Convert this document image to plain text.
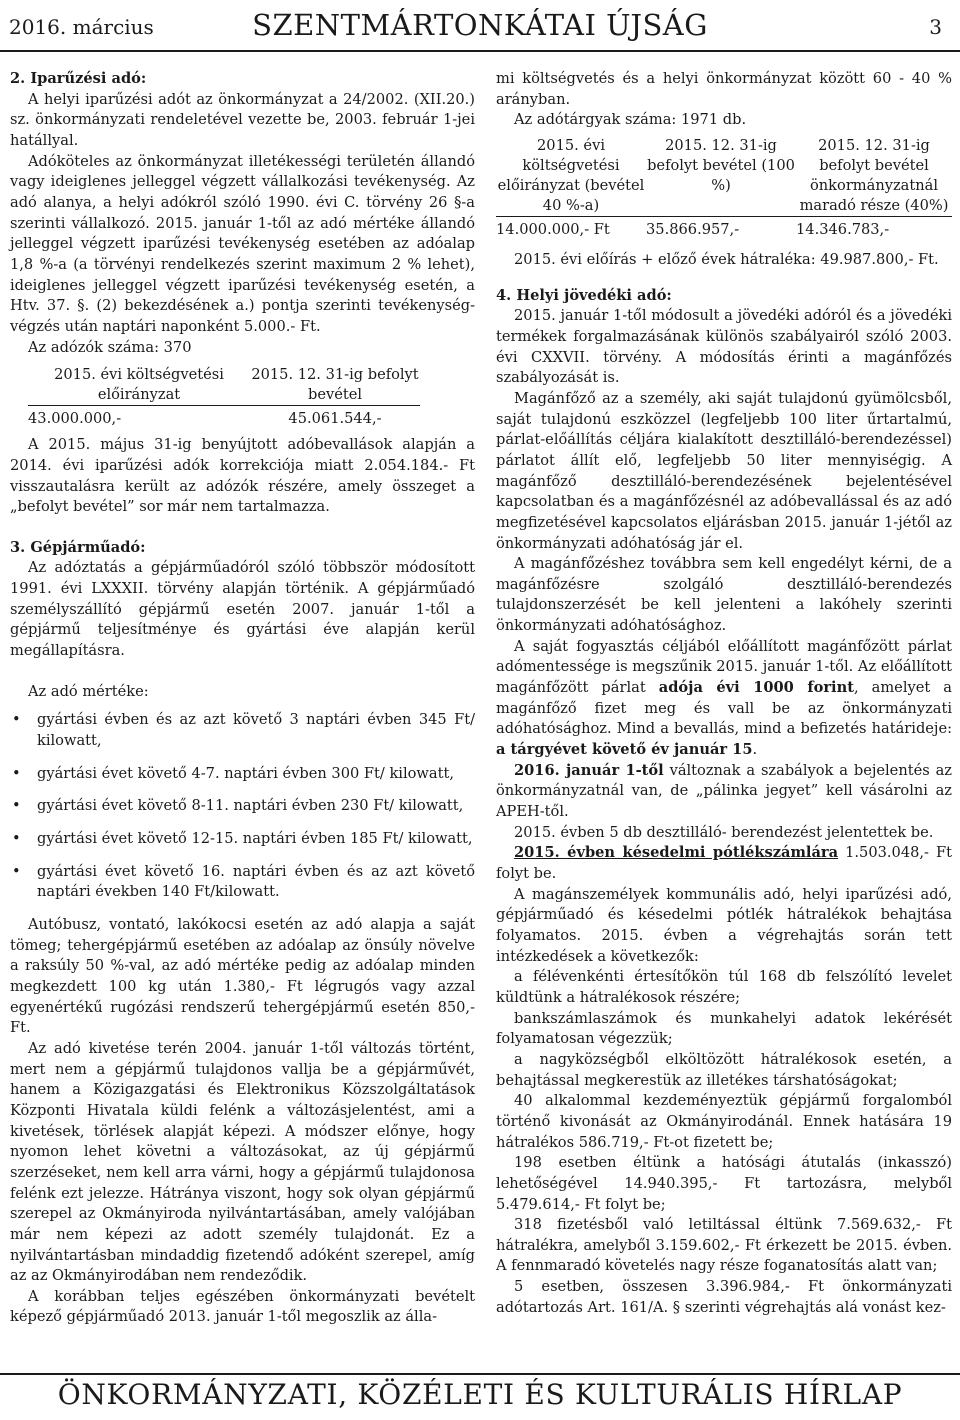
2016. március	SZENTMÁRTONKÁTAI ÚJSÁG	3

2. Iparűzési adó:

A helyi iparűzési adót az önkormányzat a 24/2002. (XII.20.) sz. önkormányzati rendeletével vezette be, 2003. február 1-jei hatállyal.

Adóköteles az önkormányzat illetékességi területén állandó vagy ideiglenes jelleggel végzett vállalkozási tevékenység. Az adó alanya, a helyi adókról szóló 1990. évi C. törvény 26 §-a szerinti vállalkozó. 2015. január 1-től az adó mértéke állandó jelleggel végzett iparűzési tevékenység esetében az adóalap 1,8 %-a (a törvényi rendelkezés szerint maximum 2 % lehet), ideiglenes jelleggel végzett iparűzési tevékenység esetén, a Htv. 37. §. (2) bekezdésének a.) pontja szerinti tevékenység-végzés után naptári naponként 5.000.- Ft.

Az adózók száma: 370

2015. évi költségvetési előirányzat	2015. 12. 31-ig befolyt bevétel
43.000.000,-	45.061.544,-

A 2015. május 31-ig benyújtott adóbevallások alapján a 2014. évi iparűzési adók korrekciója miatt 2.054.184.- Ft visszautalásra került az adózók részére, amely összeget a „befolyt bevétel” sor már nem tartalmazza.

3. Gépjárműadó:

Az adóztatás a gépjárműadóról szóló többször módosított 1991. évi LXXXII. törvény alapján történik. A gépjárműadó személyszállító gépjármű esetén 2007. január 1-től a gépjármű teljesítménye és gyártási éve alapján kerül megállapításra.

Az adó mértéke:

• gyártási évben és az azt követő 3 naptári évben 345 Ft/ kilowatt,
• gyártási évet követő 4-7. naptári évben 300 Ft/ kilowatt,
• gyártási évet követő 8-11. naptári évben 230 Ft/ kilowatt,
• gyártási évet követő 12-15. naptári évben 185 Ft/ kilowatt,
• gyártási évet követő 16. naptári évben és az azt követő naptári években 140 Ft/kilowatt.

Autóbusz, vontató, lakókocsi esetén az adó alapja a saját tömeg; tehergépjármű esetében az adóalap az önsúly növelve a raksúly 50 %-val, az adó mértéke pedig az adóalap minden megkezdett 100 kg után 1.380,- Ft légrugós vagy azzal egyenértékű rugózási rendszerű tehergépjármű esetén 850,- Ft.

Az adó kivetése terén 2004. január 1-től változás történt, mert nem a gépjármű tulajdonos vallja be a gépjárművét, hanem a Közigazgatási és Elektronikus Közszolgáltatások Központi Hivatala küldi felénk a változásjelentést, ami a kivetések, törlések alapját képezi. A módszer előnye, hogy nyomon lehet követni a változásokat, az új gépjármű szerzéseket, nem kell arra várni, hogy a gépjármű tulajdonosa felénk ezt jelezze. Hátránya viszont, hogy sok olyan gépjármű szerepel az Okmányiroda nyilvántartásában, amely valójában már nem képezi az adott személy tulajdonát. Ez a nyilvántartásban mindaddig fizetendő adóként szerepel, amíg az az Okmányirodában nem rendeződik.

A korábban teljes egészében önkormányzati bevételt képező gépjárműadó 2013. január 1-től megoszlik az álla-

mi költségvetés és a helyi önkormányzat között 60 - 40 % arányban.

Az adótárgyak száma: 1971 db.

2015. évi költségvetési előirányzat (bevétel 40 %-a)	2015. 12. 31-ig befolyt bevétel (100 %)	2015. 12. 31-ig befolyt bevétel önkormányzatnál maradó része (40%)
14.000.000,- Ft	35.866.957,-	14.346.783,-

2015. évi előírás + előző évek hátraléka: 49.987.800,- Ft.

4. Helyi jövedéki adó:

2015. január 1-től módosult a jövedéki adóról és a jövedéki termékek forgalmazásának különös szabályairól szóló 2003. évi CXXVII. törvény. A módosítás érinti a magánfőzés szabályozását is.

Magánfőző az a személy, aki saját tulajdonú gyümölcsből, saját tulajdonú eszközzel (legfeljebb 100 liter űrtartalmú, párlat-előállítás céljára kialakított desztilláló-berendezéssel) párlatot állít elő, legfeljebb 50 liter mennyiségig. A magánfőző desztilláló-berendezésének bejelentésével kapcsolatban és a magánfőzésnél az adóbevallással és az adó megfizetésével kapcsolatos eljárásban 2015. január 1-jétől az önkormányzati adóhatóság jár el.

A magánfőzéshez továbbra sem kell engedélyt kérni, de a magánfőzésre szolgáló desztilláló-berendezés tulajdonszerzését be kell jelenteni a lakóhely szerinti önkormányzati adóhatósághoz.

A saját fogyasztás céljából előállított magánfőzött párlat adómentessége is megszűnik 2015. január 1-től. Az előállított magánfőzött párlat adója évi 1000 forint, amelyet a magánfőző fizet meg és vall be az önkormányzati adóhatósághoz. Mind a bevallás, mind a befizetés határideje: a tárgyévet követő év január 15.

2016. január 1-től változnak a szabályok a bejelentés az önkormányzatnál van, de „pálinka jegyet” kell vásárolni az APEH-től.

2015. évben 5 db desztilláló- berendezést jelentettek be.

2015. évben késedelmi pótlékszámlára 1.503.048,- Ft folyt be.

A magánszemélyek kommunális adó, helyi iparűzési adó, gépjárműadó és késedelmi pótlék hátralékok behajtása folyamatos. 2015. évben a végrehajtás során tett intézkedések a következők:

a félévenkénti értesítőkön túl 168 db felszólító levelet küldtünk a hátralékosok részére;

bankszámlaszámok és munkahelyi adatok lekérését folyamatosan végezzük;

a nagyközségből elköltözött hátralékosok esetén, a behajtással megkerestük az illetékes társhatóságokat;

40 alkalommal kezdeményeztük gépjármű forgalomból történő kivonását az Okmányirodánál. Ennek hatására 19 hátralékos 586.719,- Ft-ot fizetett be;

198 esetben éltünk a hatósági átutalás (inkasszó) lehetőségével 14.940.395,- Ft tartozásra, melyből 5.479.614,- Ft folyt be;

318 fizetésből való letiltással éltünk 7.569.632,- Ft hátralékra, amelyből 3.159.602,- Ft érkezett be 2015. évben. A fennmaradó követelés nagy része foganatosítás alatt van;

5 esetben, összesen 3.396.984,- Ft önkormányzati adótartozás Art. 161/A. § szerinti végrehajtás alá vonást kez-

ÖNKORMÁNYZATI, KÖZÉLETI ÉS KULTURÁLIS HÍRLAP
